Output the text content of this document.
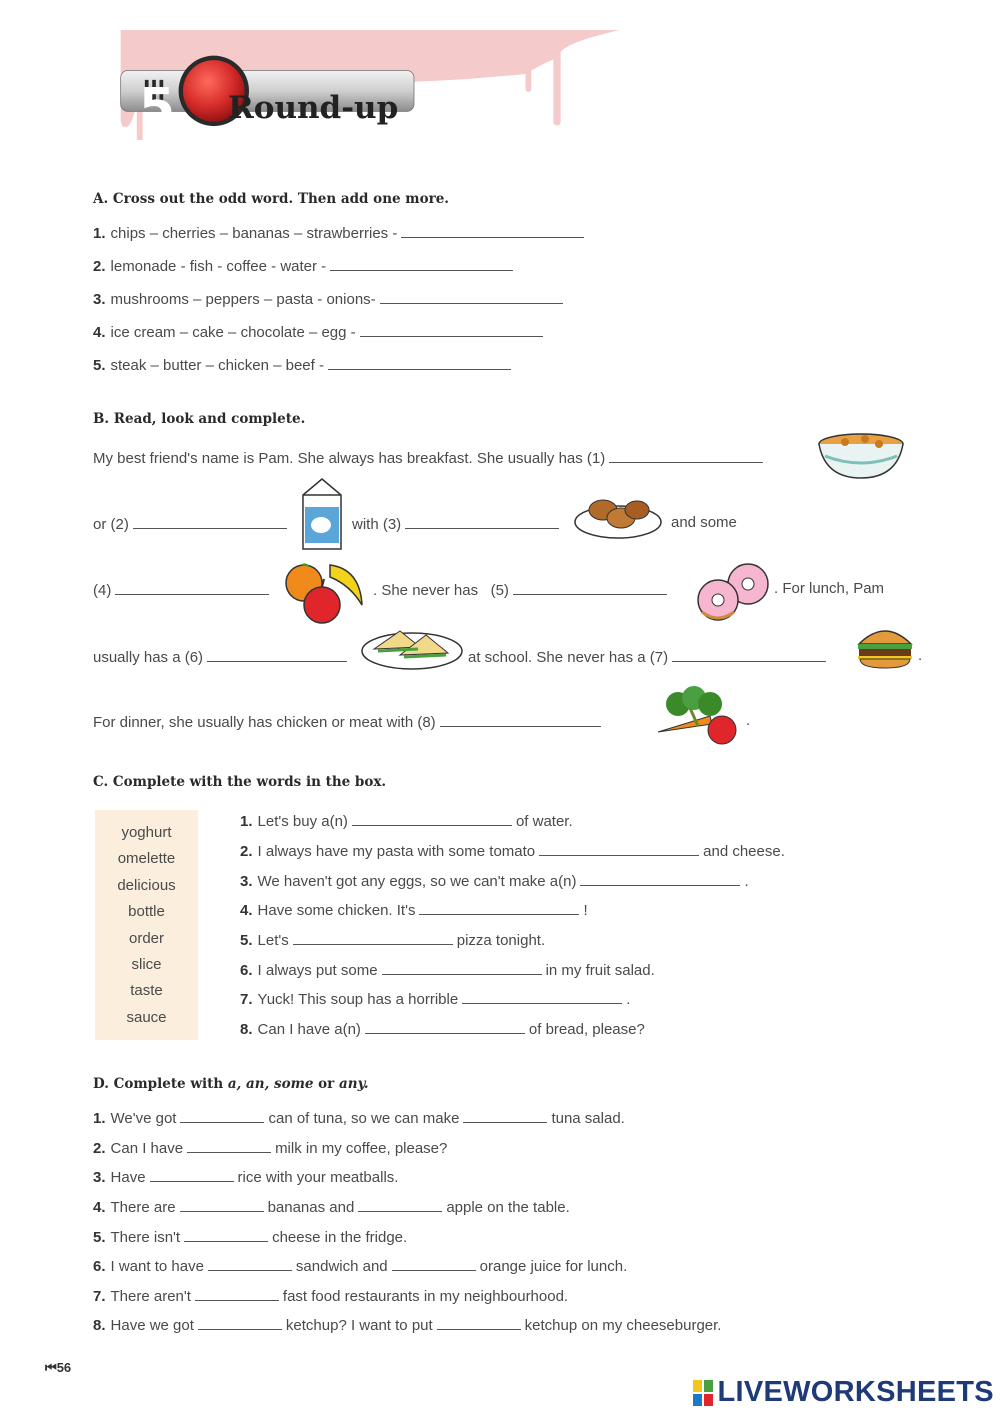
5 Round-up
A. Cross out the odd word. Then add one more.
1. chips – cherries – bananas – strawberries -
2. lemonade - fish - coffee - water -
3. mushrooms – peppers – pasta - onions-
4. ice cream – cake – chocolate – egg -
5. steak – butter – chicken – beef -
B. Read, look and complete.
My best friend's name is Pam. She always has breakfast. She usually has (1)
or (2)	with (3)	and some
(4)	. She never has (5)	. For lunch, Pam
usually has a (6)	at school. She never has a (7)	.
For dinner, she usually has chicken or meat with (8)	.
C. Complete with the words in the box.
yoghurt
omelette
delicious
bottle
order
slice
taste
sauce
1. Let's buy a(n)	of water.
2. I always have my pasta with some tomato	and cheese.
3. We haven't got any eggs, so we can't make a(n)	.
4. Have some chicken. It's	!
5. Let's	pizza tonight.
6. I always put some	in my fruit salad.
7. Yuck! This soup has a horrible	.
8. Can I have a(n)	of bread, please?
D. Complete with a, an, some or any.
1. We've got	can of tuna, so we can make	tuna salad.
2. Can I have	milk in my coffee, please?
3. Have	rice with your meatballs.
4. There are	bananas and	apple on the table.
5. There isn't	cheese in the fridge.
6. I want to have	sandwich and	orange juice for lunch.
7. There aren't	fast food restaurants in my neighbourhood.
8. Have we got	ketchup? I want to put	ketchup on my cheeseburger.
⏮56
LIVEWORKSHEETS
